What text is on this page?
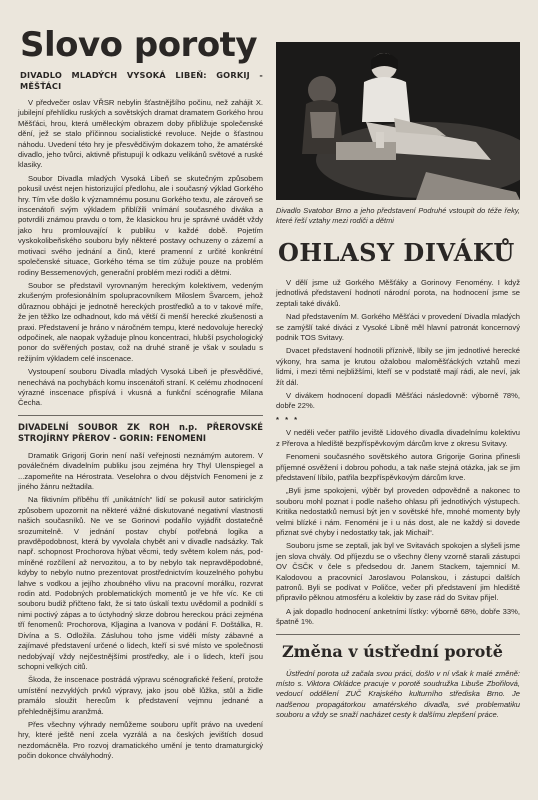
Slovo poroty
DIVADLO MLADÝCH VYSOKÁ LIBEŇ: GORKIJ - MĚŠŤÁCI

V předvečer oslav VŘSR nebylin šťastnějšího počinu, než zahájit X. jubilejní přehlídku ruských a sovětských dramat dramatem Gorkého hrou Měšťáci, hrou, která uměleckým obrazem doby přibližuje společenské dění, jež se stalo příčinnou socialistické revoluce. Nejde o šťastnou náhodu. Uvedení této hry je přesvědčivým dokazem toho, že amatérské divadlo, jeho tvůrci, aktivně přistupují k odkazu velikánů světové a ruské klasiky.

Soubor Divadla mladých Vysoká Libeň se skutečným způsobem pokusil uvést nejen historizující předlohu, ale i současný výklad Gorkého hry. Tím vše došlo k významnému posunu Gorkého textu, ale zároveň se inscenátoři svým výkladem přiblížili vnímání současného diváka a potvrdili známou pravdu o tom, že klasickou hru je správné uvádět vždy jako hru promlouvající k publiku v každé době. Pojetím vyskokolibeňského souboru byly některé postavy ochuzeny o zázemí a motivaci svého jednání a činů, které pramenní z určité konkrétní společenské situace, Gorkého téma se tím zúžuje pouze na problém rodiny Bessemenových, generační problém mezi rodiči a dětmi.

Soubor se představil vyrovnaným hereckým kolektivem, vedeným zkušeným profesionálním spolupracovníkem Miloslem Švarcem, jehož důraznou obhájci je jednotně hereckých prostředků a to v takové míře, že jen těžko lze odhadnout, kdo má větší či menší herecké zkušenosti a praxi. Představení je hráno v náročném tempu, které nedovoluje herecký odpočinek, ale naopak vyžaduje plnou koncentraci, hlubší psychologický ponor do svěřených postav, což na druhé straně je však v souladu s režijním výkladem celé inscenace.

Vystoupení souboru Divadla mladých Vysoká Libeň je přesvědčivé, nenechává na pochybách komu inscenátoři straní. K celému zhodnocení výrazné inscenace přispívá i vkusná a funkční scénografie Milana Čecha.

DIVADELNÍ SOUBOR ZK ROH n.p. PŘEROVSKÉ STROJÍRNY PŘEROV - GORIN: FENOMENI

Dramatik Grigorij Gorin není naší veřejnosti neznámým autorem. V poválečném divadelním publiku jsou zejména hry Thyl Ulenspiegel a ...zapomeňte na Hérostrata. Veselohra o dvou dějstvích Fenomeni je z jiného žánru nežtadila.

Na fiktivním příběhu tří „unikátních“ lidí se pokusil autor satirickým způsobem upozornit na některé vážné diskutované negativní vlastnosti našich současníků. Ne ve se Gorinovi podařilo vyjádřit dostatečně srozumitelně. V jednání postav chybí potřebná logika a pravděpodobnost, která by vyvolala chybět ani v divadle nadsázky. Tak např. schopnost Prochorova hýbat věcmi, tedy světem kolem nás, podmíněné rozčílení až nervozitou, a to by nebylo tak nepravděpodobné, kdyby to nebylo nutno prezentovat prostřednictvím kouzelného pohybu lahve s vodkou a jejího zhoubného vlivu na pracovní morálku, rozvrat rodin atd. Podobných problematických momentů je ve hře víc. Ke cti souboru budiž přičteno fakt, že si tato úskalí textu uvědomil a podniklí s nimi poctivý zápas a to úctyhodný skrze dobrou hereckou práci zejména tří fenomenů: Prochorova, Kljagina a Ivanova v podání F. Doštálka, R. Divína a S. Odložila. Zásluhou toho jsme viděli místy zábavné a zajímavé představení určené o lidech, kteří si své místo ve společnosti nedobývají vždy nejčestnějšími prostředky, ale i o lidech, kteří jsou schopni velkých citů.

Škoda, že inscenace postrádá výpravu scénografické řešení, protože umístění nezvyklých prvků výpravy, jako jsou obě lůžka, stůl a židle pramálo sloužit herecům k představení vejmnu jednané a přehlednějšímu aranžmá.

Přes všechny výhrady nemůžeme souboru upřít právo na uvedení hry, které ještě není zcela vyzrálá a na českých jevištích dosud nezdomácněla. Pro rozvoj dramatického umění je tento dramaturgický počin dokonce chvályhodný.

Divadlo Svatobor Brno a jeho představení Podruhé vstoupit do téže řeky, které řeší vztahy mezi rodiči a dětmi
OHLASY DIVÁKŮ

V dělí jsme už Gorkého Měšťáky a Gorinovy Fenomény. I když jednotlivá představení hodnotí národní porota, na hodnocení jsme se zeptali také diváků.

Nad představením M. Gorkého Měšťáci v provedení Divadla mladých se zamýšlí také diváci z Vysoké Libně měl hlavní patronát koncernový podnik TOS Svitavy.

Dvacet představení hodnotili příznivě, líbily se jim jednotlivé herecké výkony, hra sama je krutou ožalobou maloměšťáckých vztahů mezi lidmi, i mezi těmi nejbližšími, kteří se v podstatě mají rádi, ale neví, jak žít dál.

V divákem hodnocení dopadli Měšťáci následovně: výborně 78%, dobře 22%.

* * *

V neděli večer patřilo jeviště Lidového divadla divadelnímu kolektivu z Přerova a hledíště bezpříspěvkovým dárcům krve z okresu Svitavy.

Fenomeni současného sovětského autora Grigorije Gorina přinesli příjemné osvěžení i dobrou pohodu, a tak naše stejná otázka, jak se jim představení líbilo, patřila bezpříspěvkovým dárcům krve.

„Byli jsme spokojeni, výběr byl proveden odpovědně a nakonec to souboru mohl poznat i podle našeho ohlasu při jednotlivých výstupech. Kritika nedostatků nemusí být jen v sovětské hře, mnohé momenty byly velmi blízké i nám. Fenoméni je i u nás dost, ale ne každý si dovede přiznat své chyby i nedostatky tak, jak Michail“.

Souboru jsme se zeptali, jak byl ve Svitavách spokojen a slyšeli jsme jen slova chvály. Od příjezdu se o všechny členy vzorně starali zástupci OV ČSČK v čele s předsedou dr. Janem Stackem, tajemnicí M. Kalodovou a pracovnicí Jaroslavou Polanskou, i zástupci dalších patronů. Byli se podívat v Poličce, večer při představení jim hlediště připravilo pěknou atmosféru a kolektiv by zase rád do Svitav přijel.

A jak dopadlo hodnocení anketními lístky: výborně 68%, dobře 33%, špatně 1%.

Změna v ústřední porotě

Ústřední porota už začala svou práci, došlo v ní však k malé změně: místo s. Viktora Okládce pracuje v porotě soudružka Libuše Zbořilová, vedoucí oddělení ZUČ Krajského kulturního střediska Brno. Je nadšenou propagátorkou amatérského divadla, své problematiku souboru a vždy se snaží nacházet cesty k dalšímu zlepšení práce.
